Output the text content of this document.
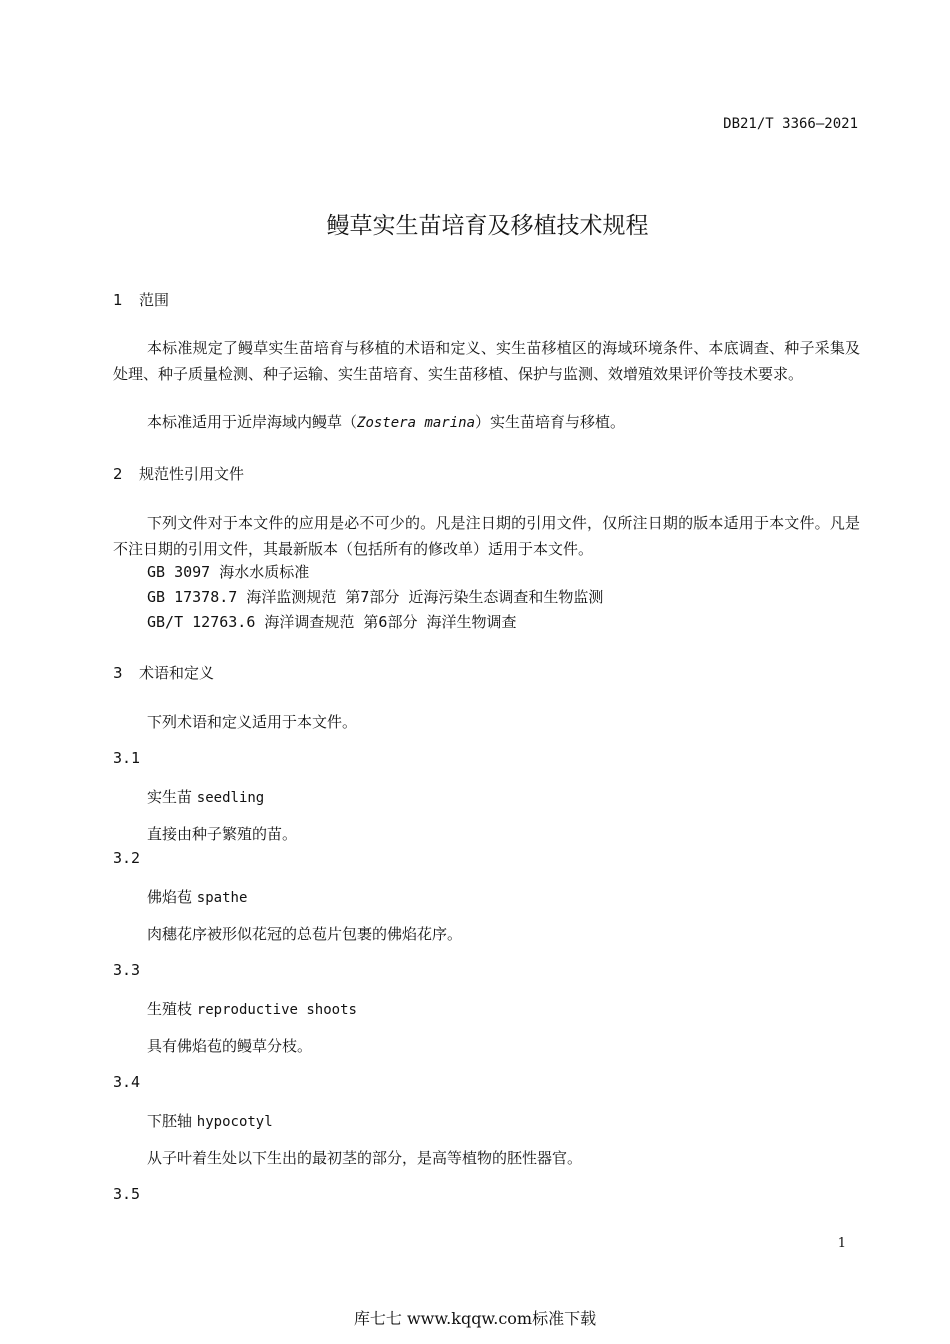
DB21/T 3366—2021
鳗草实生苗培育及移植技术规程
1 范围
本标准规定了鳗草实生苗培育与移植的术语和定义、实生苗移植区的海域环境条件、本底调查、种子采集及处理、种子质量检测、种子运输、实生苗培育、实生苗移植、保护与监测、效增殖效果评价等技术要求。
本标准适用于近岸海域内鳗草（Zostera marina）实生苗培育与移植。
2 规范性引用文件
下列文件对于本文件的应用是必不可少的。凡是注日期的引用文件，仅所注日期的版本适用于本文件。凡是不注日期的引用文件，其最新版本（包括所有的修改单）适用于本文件。
GB 3097 海水水质标准
GB 17378.7 海洋监测规范 第7部分 近海污染生态调查和生物监测
GB/T 12763.6 海洋调查规范 第6部分 海洋生物调查
3 术语和定义
下列术语和定义适用于本文件。
3.1
实生苗 seedling
直接由种子繁殖的苗。
3.2
佛焰苞 spathe
肉穗花序被形似花冠的总苞片包裹的佛焰花序。
3.3
生殖枝 reproductive shoots
具有佛焰苞的鳗草分枝。
3.4
下胚轴 hypocotyl
从子叶着生处以下生出的最初茎的部分，是高等植物的胚性器官。
3.5
1
库七七 www.kqqw.com标准下载
